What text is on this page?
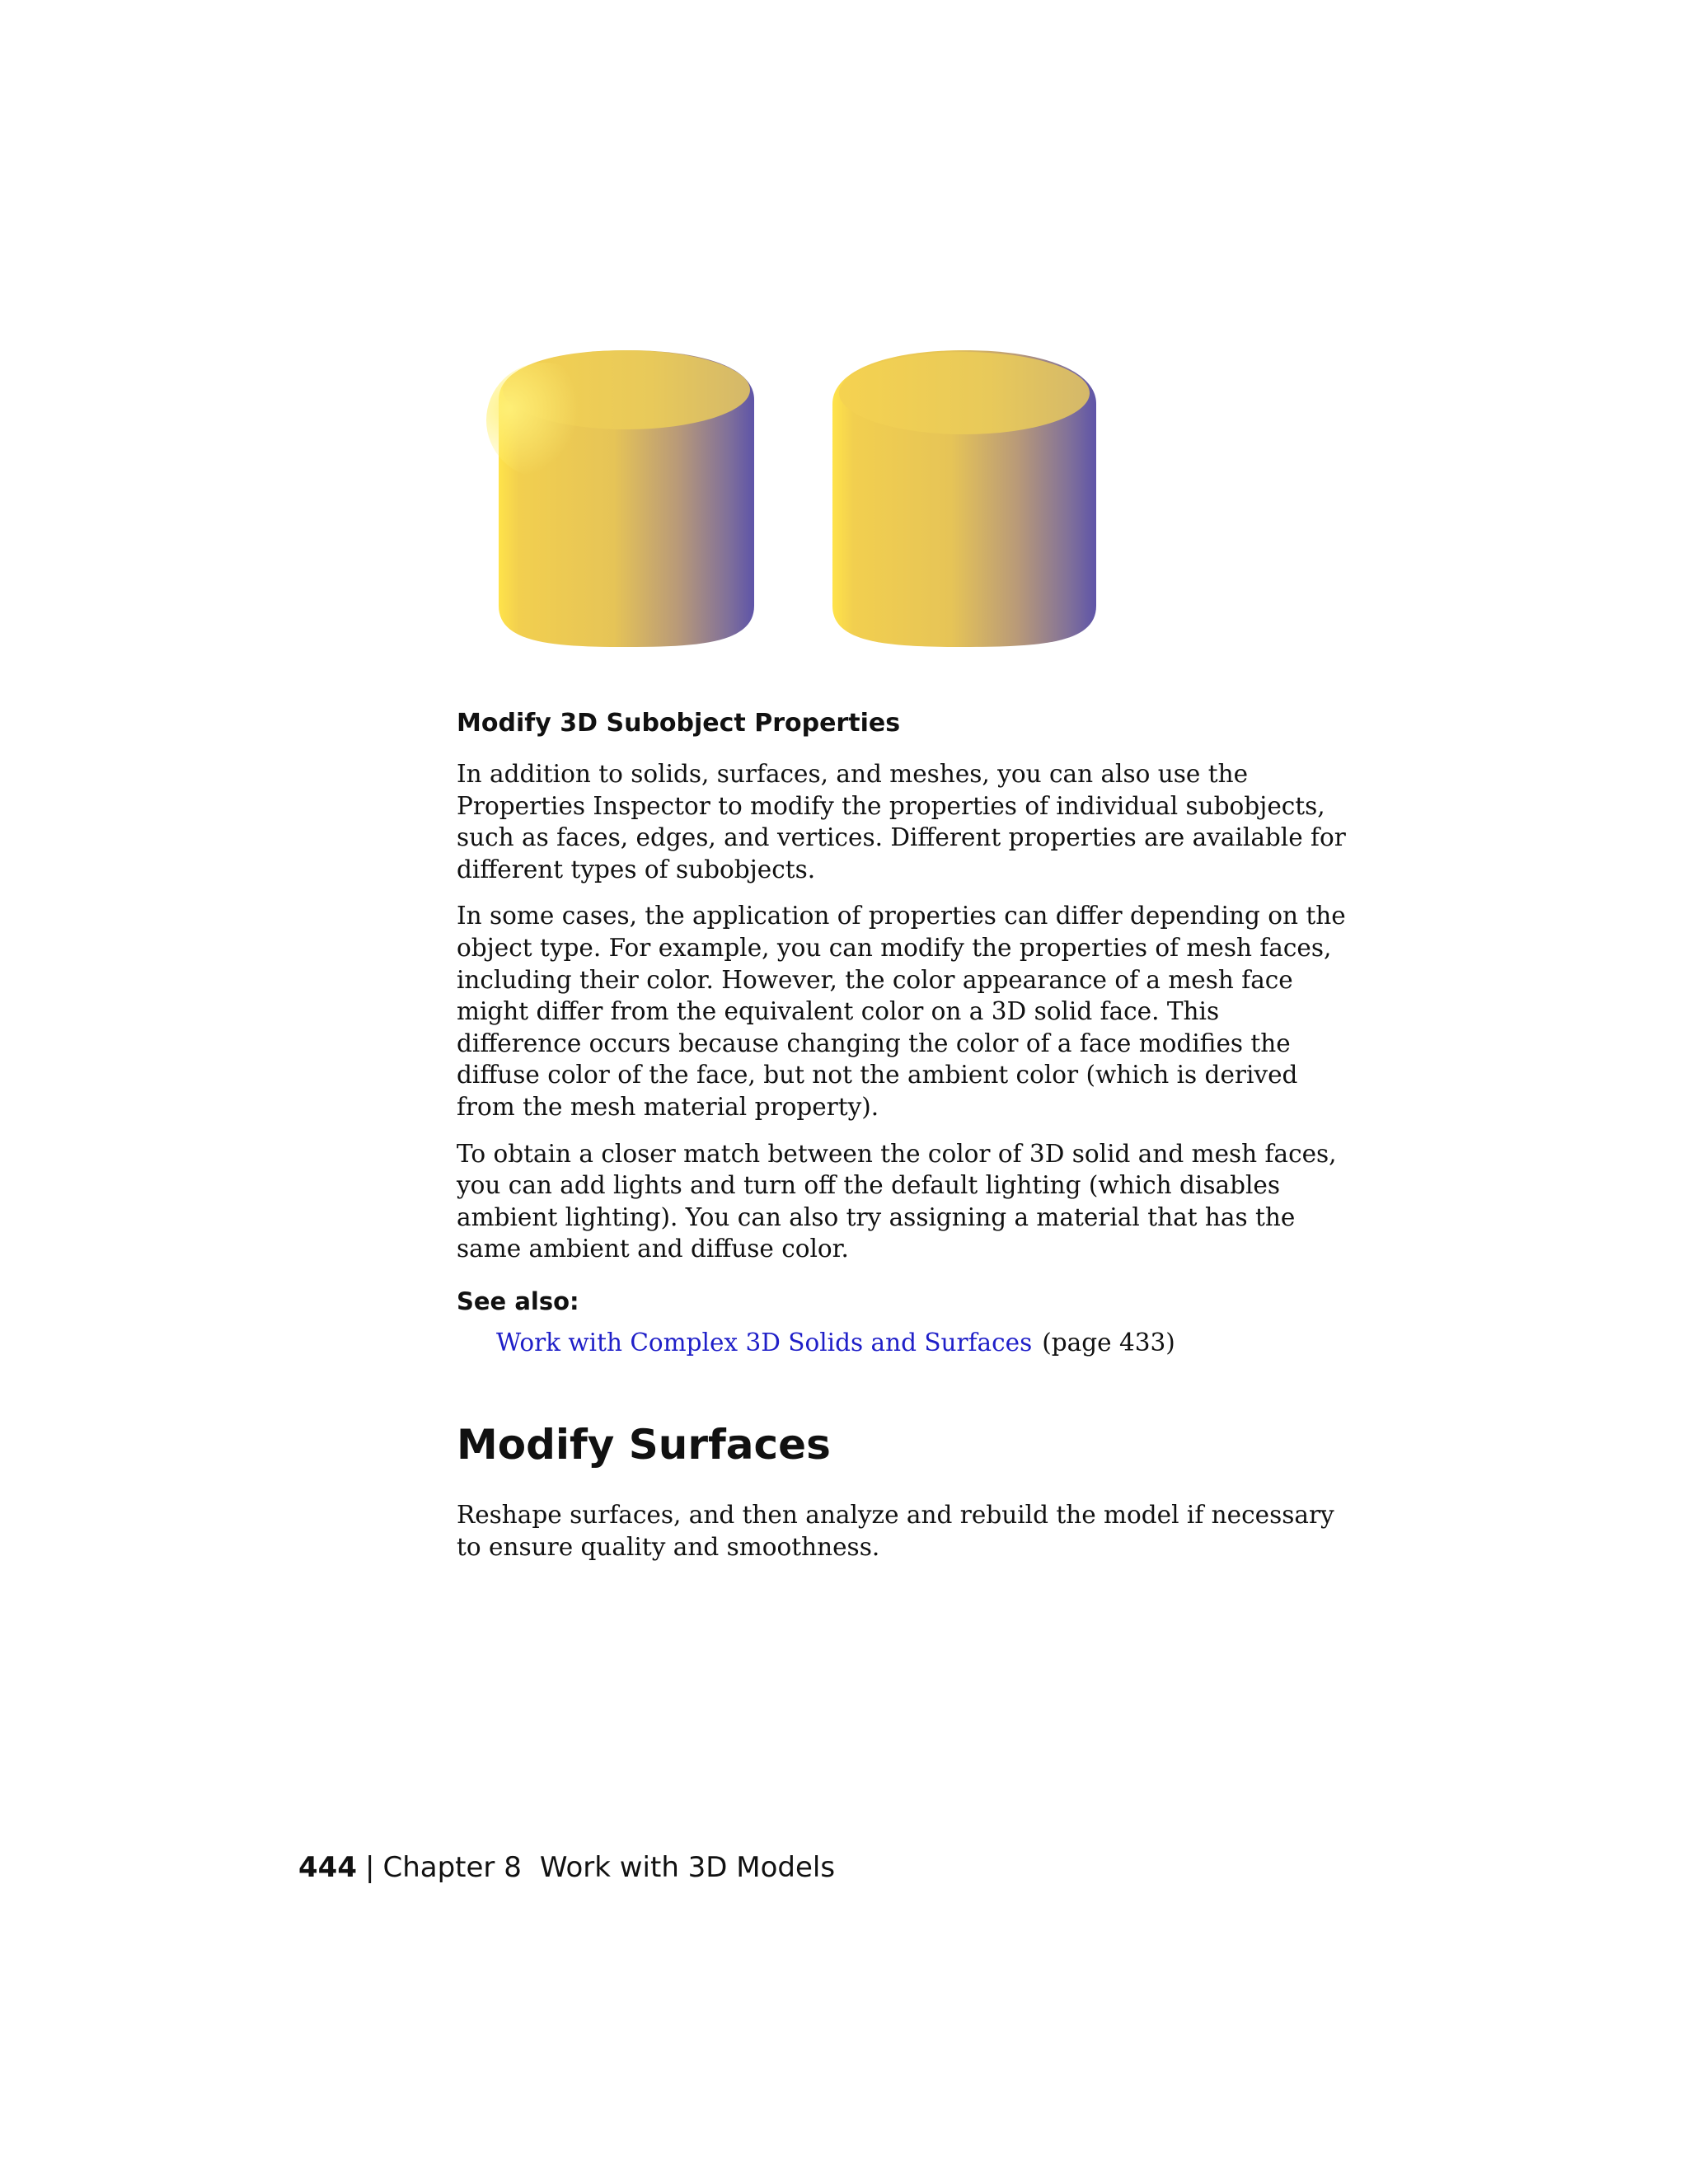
Modify 3D Subobject Properties

In addition to solids, surfaces, and meshes, you can also use the Properties Inspector to modify the properties of individual subobjects, such as faces, edges, and vertices. Different properties are available for different types of subobjects.

In some cases, the application of properties can differ depending on the object type. For example, you can modify the properties of mesh faces, including their color. However, the color appearance of a mesh face might differ from the equivalent color on a 3D solid face. This difference occurs because changing the color of a face modifies the diffuse color of the face, but not the ambient color (which is derived from the mesh material property).

To obtain a closer match between the color of 3D solid and mesh faces, you can add lights and turn off the default lighting (which disables ambient lighting). You can also try assigning a material that has the same ambient and diffuse color.

See also:
Work with Complex 3D Solids and Surfaces (page 433)
Modify Surfaces

Reshape surfaces, and then analyze and rebuild the model if necessary to ensure quality and smoothness.

444 | Chapter 8 Work with 3D Models
